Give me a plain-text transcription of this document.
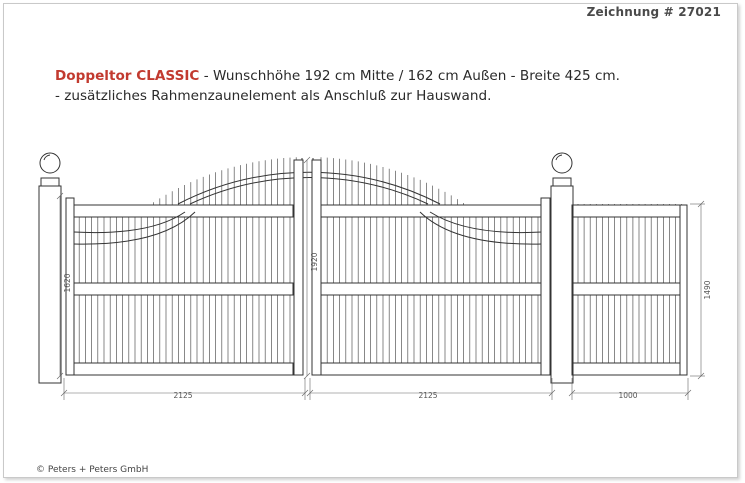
Zeichnung # 27021
Doppeltor CLASSIC - Wunschhöhe 192 cm Mitte / 162 cm Außen - Breite 425 cm.
- zusätzliches Rahmenzaunelement als Anschluß zur Hauswand.
2125	2125	1000
1620
1920
1490
© Peters + Peters GmbH
